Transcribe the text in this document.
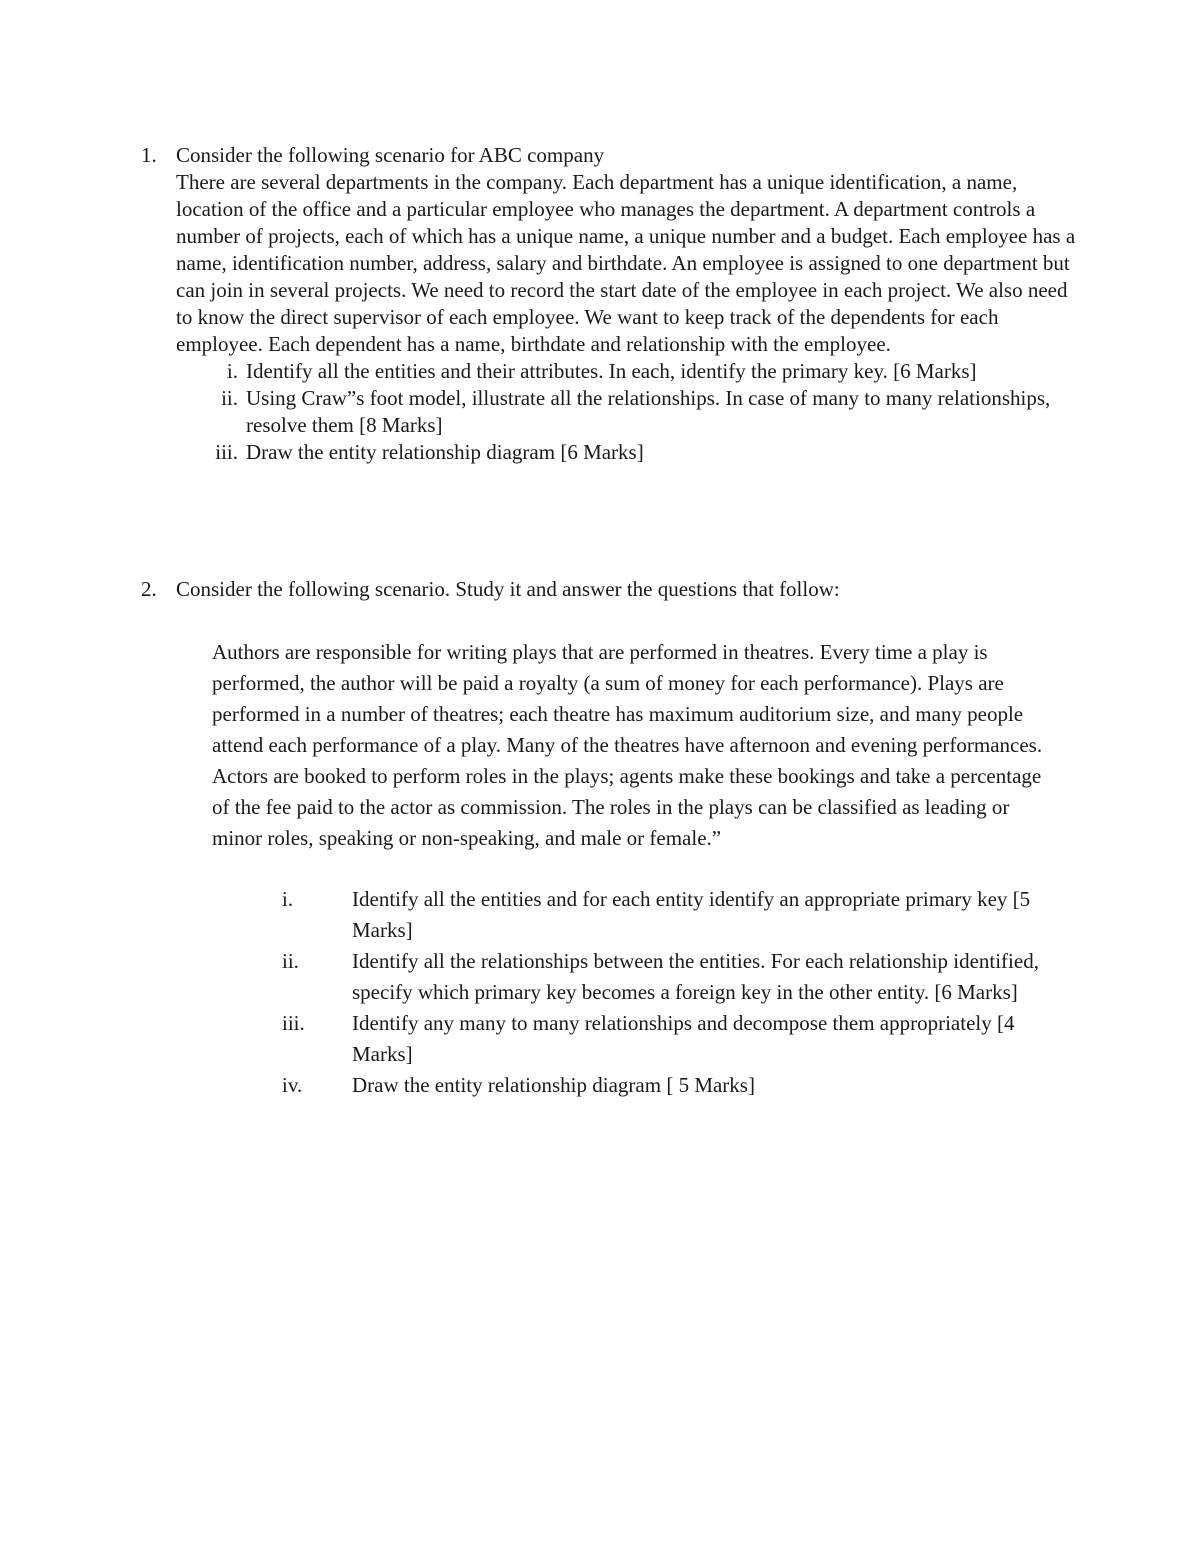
1. Consider the following scenario for ABC company

There are several departments in the company. Each department has a unique identification, a name, location of the office and a particular employee who manages the department. A department controls a number of projects, each of which has a unique name, a unique number and a budget. Each employee has a name, identification number, address, salary and birthdate. An employee is assigned to one department but can join in several projects. We need to record the start date of the employee in each project. We also need to know the direct supervisor of each employee. We want to keep track of the dependents for each employee. Each dependent has a name, birthdate and relationship with the employee.

i. Identify all the entities and their attributes. In each, identify the primary key. [6 Marks]
ii. Using Craw”s foot model, illustrate all the relationships. In case of many to many relationships, resolve them [8 Marks]
iii. Draw the entity relationship diagram [6 Marks]
2. Consider the following scenario. Study it and answer the questions that follow:

Authors are responsible for writing plays that are performed in theatres. Every time a play is performed, the author will be paid a royalty (a sum of money for each performance). Plays are performed in a number of theatres; each theatre has maximum auditorium size, and many people attend each performance of a play. Many of the theatres have afternoon and evening performances. Actors are booked to perform roles in the plays; agents make these bookings and take a percentage of the fee paid to the actor as commission. The roles in the plays can be classified as leading or minor roles, speaking or non-speaking, and male or female.”

i.	Identify all the entities and for each entity identify an appropriate primary key [5 Marks]
ii.	Identify all the relationships between the entities. For each relationship identified, specify which primary key becomes a foreign key in the other entity. [6 Marks]
iii. Identify any many to many relationships and decompose them appropriately [4 Marks]
iv. Draw the entity relationship diagram [ 5 Marks]
